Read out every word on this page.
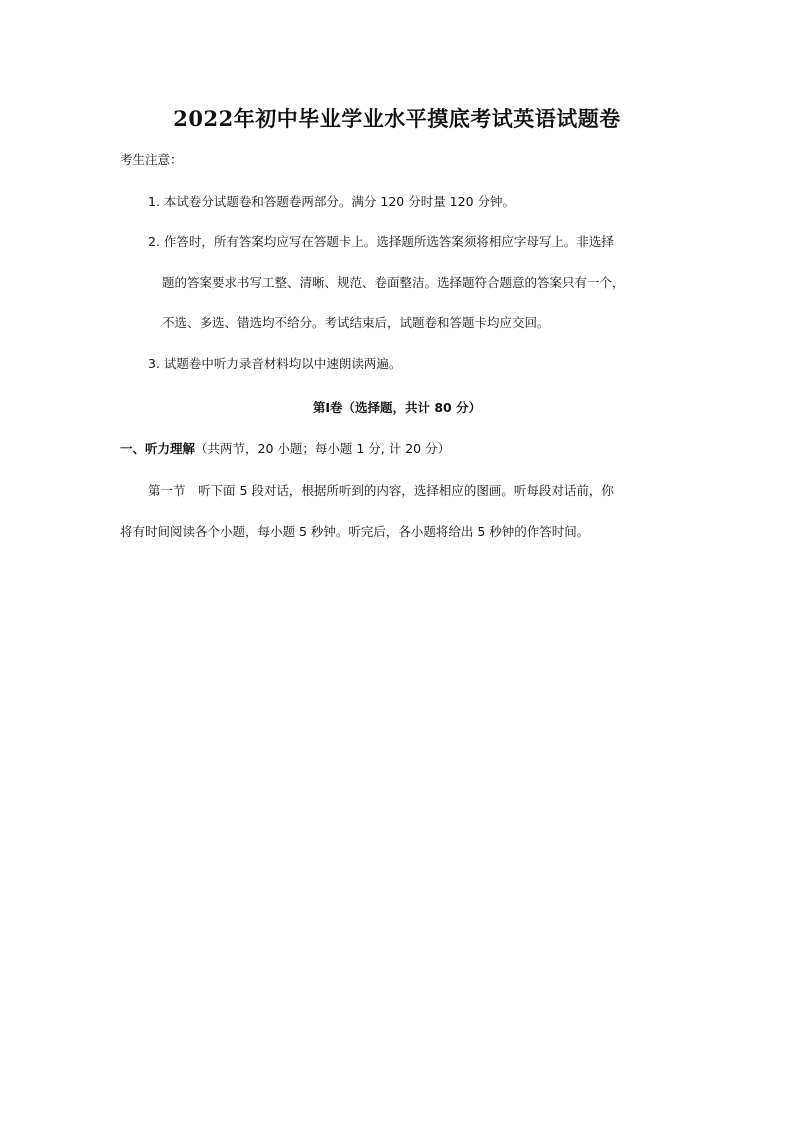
2022年初中毕业学业水平摸底考试英语试题卷
考生注意：
1. 本试卷分试题卷和答题卷两部分。满分 120 分时量 120 分钟。
2. 作答时，所有答案均应写在答题卡上。选择题所选答案须将相应字母写上。非选择
题的答案要求书写工整、清晰、规范、卷面整洁。选择题符合题意的答案只有一个，
不选、多选、错选均不给分。考试结束后，试题卷和答题卡均应交回。
3. 试题卷中听力录音材料均以中速朗读两遍。
第Ⅰ卷（选择题，共计 80 分）
一、听力理解（共两节，20 小题；每小题 1 分, 计 20 分）
第一节　听下面 5 段对话，根据所听到的内容，选择相应的图画。听每段对话前，你
将有时间阅读各个小题，每小题 5 秒钟。听完后，各小题将给出 5 秒钟的作答时间。
